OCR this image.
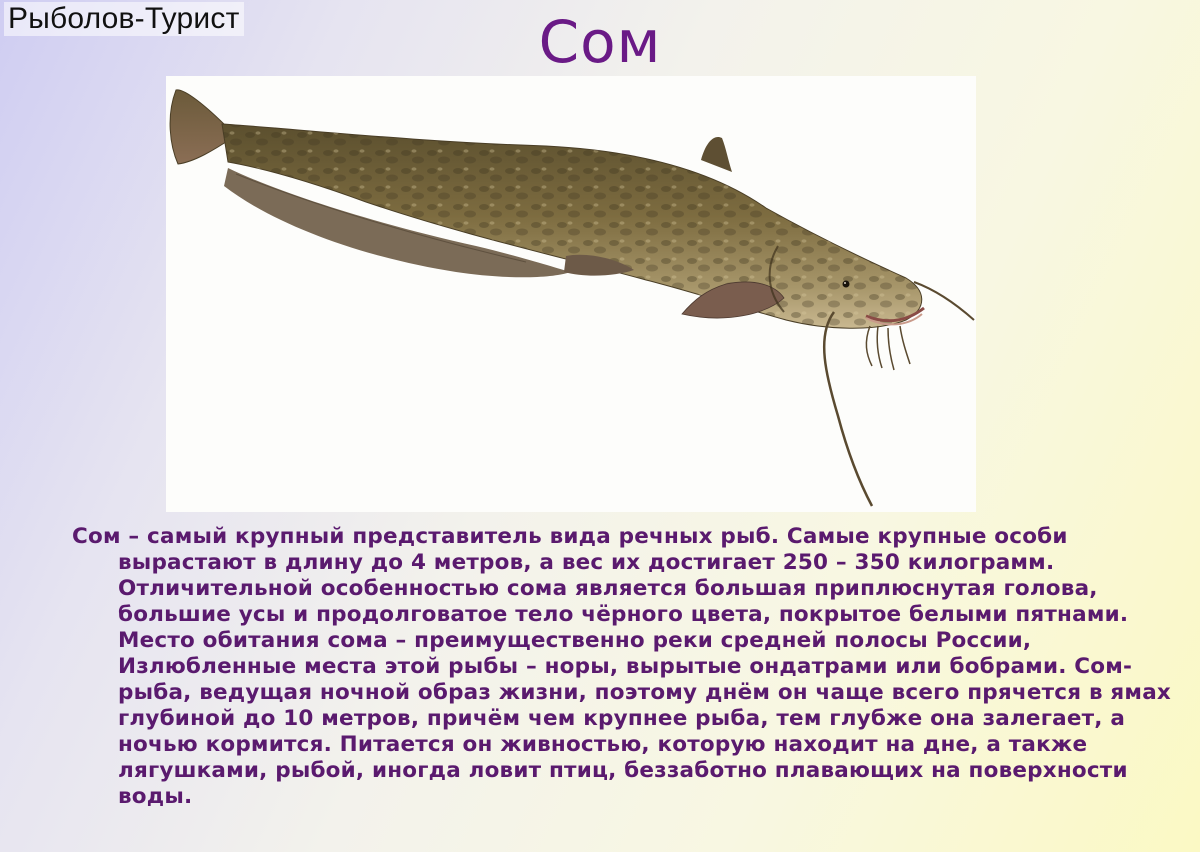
Рыболов-Турист	Сом

Сом – самый крупный представитель вида речных рыб. Самые крупные особи вырастают в длину до 4 метров, а вес их достигает 250 – 350 килограмм. Отличительной особенностью сома является большая приплюснутая голова, большие усы и продолговатое тело чёрного цвета, покрытое белыми пятнами. Место обитания сома – преимущественно реки средней полосы России, Излюбленные места этой рыбы – норы, вырытые ондатрами или бобрами. Сом- рыба, ведущая ночной образ жизни, поэтому днём он чаще всего прячется в ямах глубиной до 10 метров, причём чем крупнее рыба, тем глубже она залегает, а ночью кормится. Питается он живностью, которую находит на дне, а также лягушками, рыбой, иногда ловит птиц, беззаботно плавающих на поверхности воды.
